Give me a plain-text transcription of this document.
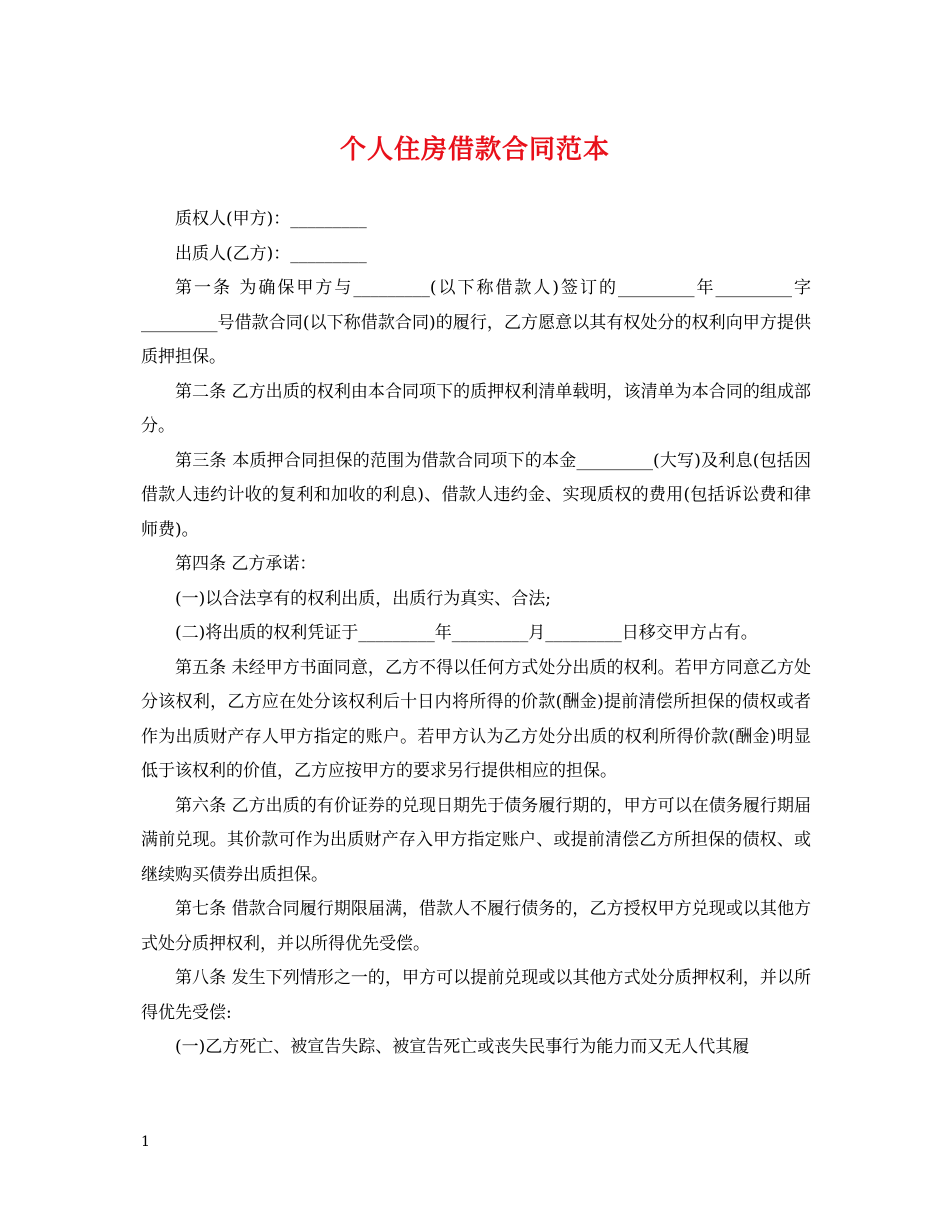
个人住房借款合同范本

质权人(甲方)：_________

出质人(乙方)：_________

第一条 为确保甲方与_________(以下称借款人)签订的_________年_________字_________号借款合同(以下称借款合同)的履行，乙方愿意以其有权处分的权利向甲方提供质押担保。

第二条 乙方出质的权利由本合同项下的质押权利清单载明，该清单为本合同的组成部分。

第三条 本质押合同担保的范围为借款合同项下的本金_________(大写)及利息(包括因借款人违约计收的复利和加收的利息)、借款人违约金、实现质权的费用(包括诉讼费和律师费)。

第四条 乙方承诺：

(一)以合法享有的权利出质，出质行为真实、合法;

(二)将出质的权利凭证于_________年_________月_________日移交甲方占有。

第五条 未经甲方书面同意，乙方不得以任何方式处分出质的权利。若甲方同意乙方处分该权利，乙方应在处分该权利后十日内将所得的价款(酬金)提前清偿所担保的债权或者作为出质财产存人甲方指定的账户。若甲方认为乙方处分出质的权利所得价款(酬金)明显低于该权利的价值，乙方应按甲方的要求另行提供相应的担保。

第六条 乙方出质的有价证券的兑现日期先于债务履行期的，甲方可以在债务履行期届满前兑现。其价款可作为出质财产存入甲方指定账户、或提前清偿乙方所担保的债权、或继续购买债券出质担保。

第七条 借款合同履行期限届满，借款人不履行债务的，乙方授权甲方兑现或以其他方式处分质押权利，并以所得优先受偿。

第八条 发生下列情形之一的，甲方可以提前兑现或以其他方式处分质押权利，并以所得优先受偿:

(一)乙方死亡、被宣告失踪、被宣告死亡或丧失民事行为能力而又无人代其履

1
